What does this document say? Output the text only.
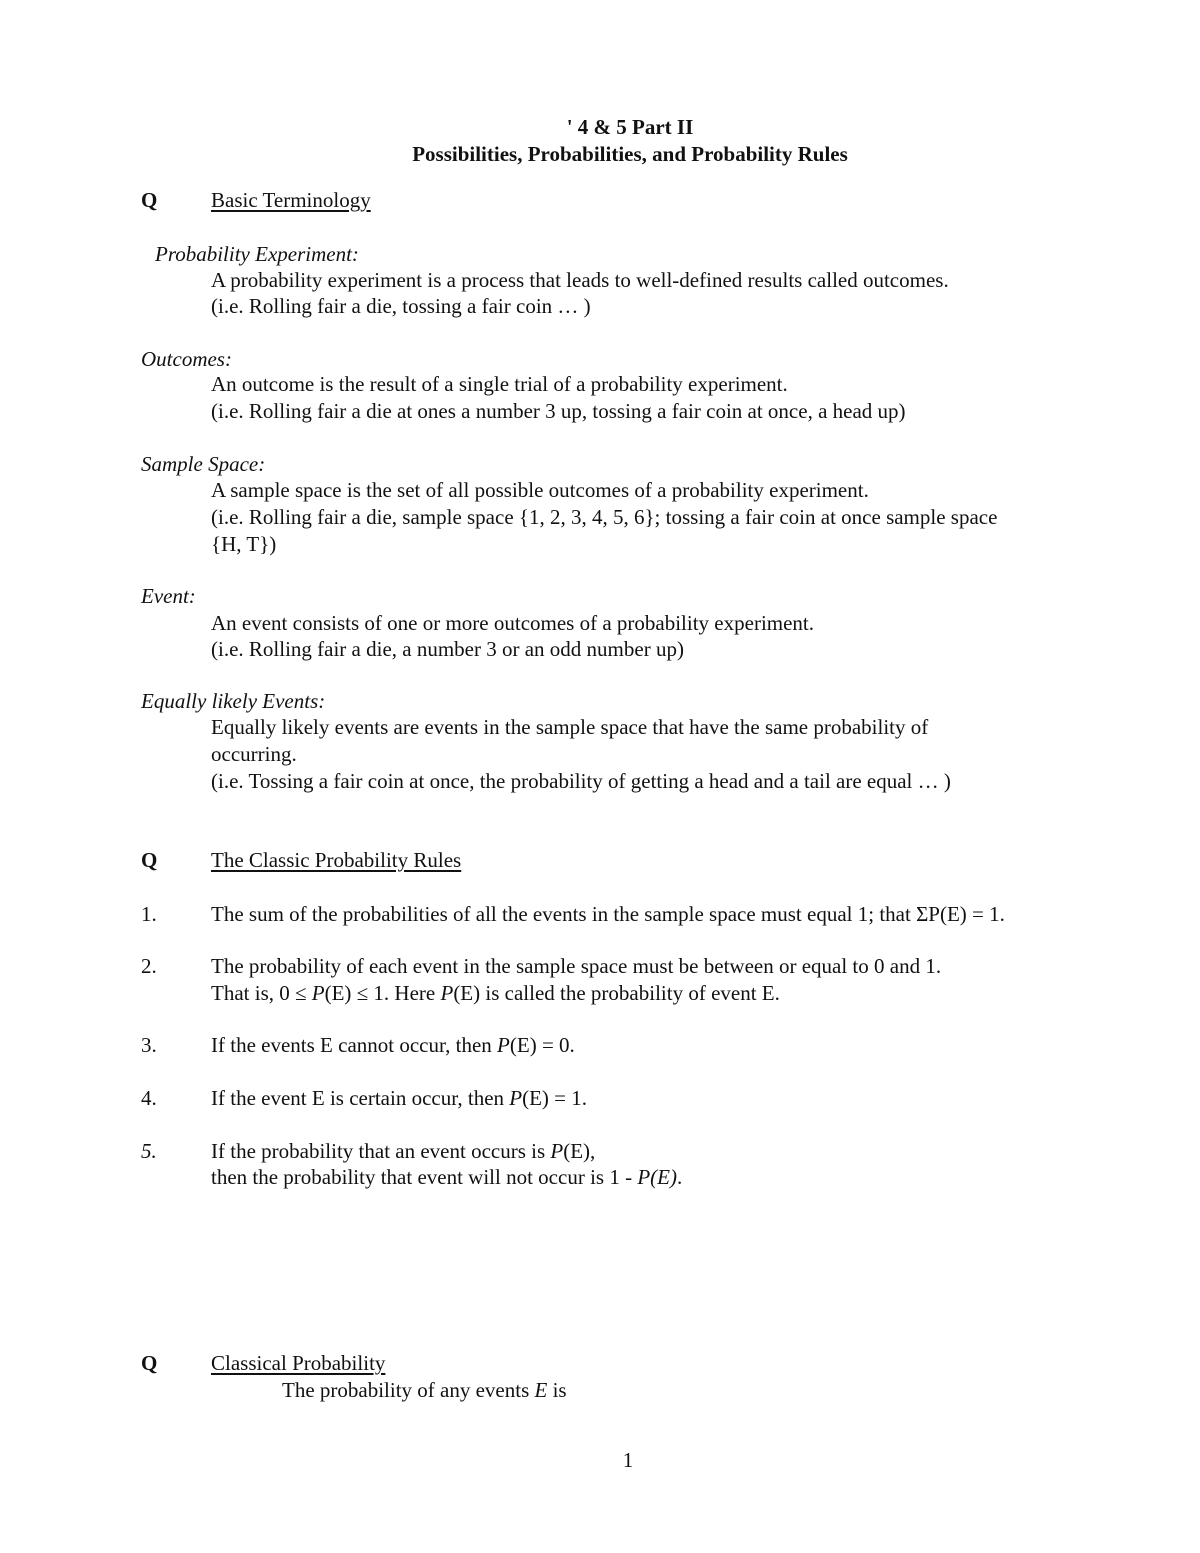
' 4 & 5 Part II
Possibilities, Probabilities, and Probability Rules
Q	Basic Terminology
Probability Experiment:
A probability experiment is a process that leads to well-defined results called outcomes.
(i.e. Rolling fair a die, tossing a fair coin … )
Outcomes:
An outcome is the result of a single trial of a probability experiment.
(i.e. Rolling fair a die at ones a number 3 up, tossing a fair coin at once, a head up)
Sample Space:
A sample space is the set of all possible outcomes of a probability experiment.
(i.e. Rolling fair a die, sample space {1, 2, 3, 4, 5, 6}; tossing a fair coin at once sample space
{H, T})
Event:
An event consists of one or more outcomes of a probability experiment.
(i.e. Rolling fair a die, a number 3 or an odd number up)
Equally likely Events:
Equally likely events are events in the sample space that have the same probability of
occurring.
(i.e. Tossing a fair coin at once, the probability of getting a head and a tail are equal … )
Q	The Classic Probability Rules
1.	The sum of the probabilities of all the events in the sample space must equal 1; that ΣP(E) = 1.
2.	The probability of each event in the sample space must be between or equal to 0 and 1.
That is, 0 ≤ P(E) ≤ 1. Here P(E) is called the probability of event E.
3.	If the events E cannot occur, then P(E) = 0.
4.	If the event E is certain occur, then P(E) = 1.
5.	If the probability that an event occurs is P(E),
then the probability that event will not occur is 1 - P(E).
Q	Classical Probability
The probability of any events E is
1
